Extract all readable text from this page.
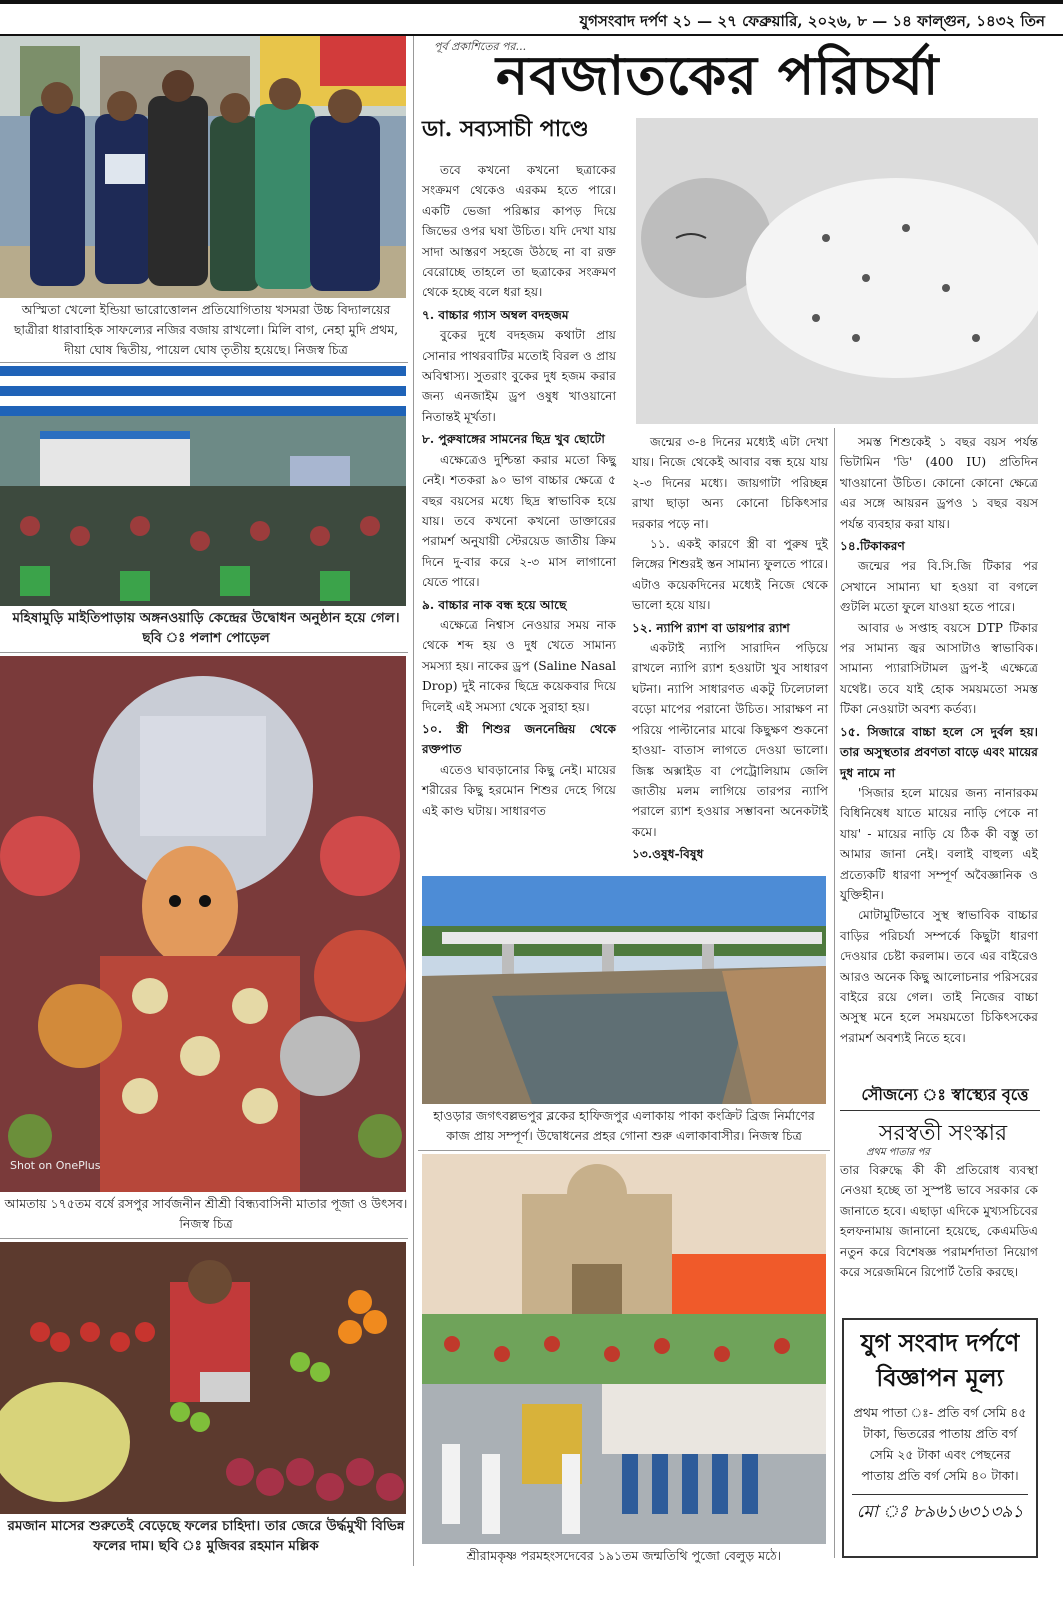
যুগসংবাদ দর্পণ ২১ — ২৭ ফেব্রুয়ারি, ২০২৬, ৮ — ১৪ ফাল্গুন, ১৪৩২ তিন
অস্মিতা খেলো ইন্ডিয়া ভারোত্তোলন প্রতিযোগিতায় খসমরা উচ্চ বিদ্যালয়ের ছাত্রীরা ধারাবাহিক সাফল্যের নজির বজায় রাখলো। মিলি বাগ, নেহা মুদি প্রথম, দীয়া ঘোষ দ্বিতীয়, পায়েল ঘোষ তৃতীয় হয়েছে। নিজস্ব চিত্র
মহিষামুড়ি মাইতিপাড়ায় অঙ্গনওয়াড়ি কেন্দ্রের উদ্বোধন অনুষ্ঠান হয়ে গেল। ছবি ঃ পলাশ পোড়েল
Shot on OnePlus
আমতায় ১৭৫তম বর্ষে রসপুর সার্বজনীন শ্রীশ্রী বিন্ধ্যবাসিনী মাতার পূজা ও উৎসব। নিজস্ব চিত্র
রমজান মাসের শুরুতেই বেড়েছে ফলের চাহিদা। তার জেরে উর্দ্ধমুখী বিভিন্ন ফলের দাম। ছবি ঃ মুজিবর রহমান মল্লিক
পূর্ব প্রকাশিতের পর...
নবজাতকের পরিচর্যা
ডা. সব্যসাচী পাণ্ডে

তবে কখনো কখনো ছত্রাকের সংক্রমণ থেকেও এরকম হতে পারে। একটি ভেজা পরিষ্কার কাপড় দিয়ে জিভের ওপর ঘষা উচিত। যদি দেখা যায় সাদা আস্তরণ সহজে উঠছে না বা রক্ত বেরোচ্ছে তাহলে তা ছত্রাকের সংক্রমণ থেকে হচ্ছে বলে ধরা হয়।

৭. বাচ্চার গ্যাস অম্বল বদহজম

বুকের দুধে বদহজম কথাটা প্রায় সোনার পাথরবাটির মতোই বিরল ও প্রায় অবিশ্বাস্য। সুতরাং বুকের দুধ হজম করার জন্য এনজাইম ড্রপ ওষুধ খাওয়ানো নিতান্তই মূর্খতা।

৮. পুরুষাঙ্গের সামনের ছিদ্র খুব ছোটো

এক্ষেত্রেও দুশ্চিন্তা করার মতো কিছু নেই। শতকরা ৯০ ভাগ বাচ্চার ক্ষেত্রে ৫ বছর বয়সের মধ্যে ছিদ্র স্বাভাবিক হয়ে যায়। তবে কখনো কখনো ডাক্তারের পরামর্শ অনুযায়ী স্টেরয়েড জাতীয় ক্রিম দিনে দু-বার করে ২-৩ মাস লাগানো যেতে পারে।

৯. বাচ্চার নাক বন্ধ হয়ে আছে

এক্ষেত্রে নিশ্বাস নেওয়ার সময় নাক থেকে শব্দ হয় ও দুধ খেতে সামান্য সমস্যা হয়। নাকের ড্রপ (Saline Nasal Drop) দুই নাকের ছিদ্রে কয়েকবার দিয়ে দিলেই এই সমস্যা থেকে সুরাহা হয়।

১০. স্ত্রী শিশুর জননেন্দ্রিয় থেকে রক্তপাত

এতেও ঘাবড়ানোর কিছু নেই। মায়ের শরীরের কিছু হরমোন শিশুর দেহে গিয়ে এই কাণ্ড ঘটায়। সাধারণত

জন্মের ৩-৪ দিনের মধ্যেই এটা দেখা যায়। নিজে থেকেই আবার বন্ধ হয়ে যায় ২-৩ দিনের মধ্যে। জায়গাটা পরিচ্ছন্ন রাখা ছাড়া অন্য কোনো চিকিৎসার দরকার পড়ে না।

১১. একই কারণে স্ত্রী বা পুরুষ দুই লিঙ্গের শিশুরই স্তন সামান্য ফুলতে পারে। এটাও কয়েকদিনের মধ্যেই নিজে থেকে ভালো হয়ে যায়।

১২. ন্যাপি র‍্যাশ বা ডায়পার র‍্যাশ

একটাই ন্যাপি সারাদিন পড়িয়ে রাখলে ন্যাপি র‍্যাশ হওয়াটা খুব সাধারণ ঘটনা। ন্যাপি সাধারণত একটু ঢিলেঢালা বড়ো মাপের পরানো উচিত। সারাক্ষণ না পরিয়ে পাল্টানোর মাঝে কিছুক্ষণ শুকনো হাওয়া- বাতাস লাগতে দেওয়া ভালো। জিঙ্ক অক্সাইড বা পেট্রোলিয়াম জেলি জাতীয় মলম লাগিয়ে তারপর ন্যাপি পরালে র‍্যাশ হওয়ার সম্ভাবনা অনেকটাই কমে।

১৩.ওষুধ-বিষুধ

সমস্ত শিশুকেই ১ বছর বয়স পর্যন্ত ভিটামিন 'ডি' (400 IU) প্রতিদিন খাওয়ানো উচিত। কোনো কোনো ক্ষেত্রে এর সঙ্গে আয়রন ড্রপও ১ বছর বয়স পর্যন্ত ব্যবহার করা যায়।

১৪.টিকাকরণ

জন্মের পর বি.সি.জি টিকার পর সেখানে সামান্য ঘা হওয়া বা বগলে গুটলি মতো ফুলে যাওয়া হতে পারে।

আবার ৬ সপ্তাহ বয়সে DTP টিকার পর সামান্য জ্বর আসাটাও স্বাভাবিক। সামান্য প্যারাসিটামল ড্রপ-ই এক্ষেত্রে যথেষ্ট। তবে যাই হোক সময়মতো সমস্ত টিকা নেওয়াটা অবশ্য কর্তব্য।

১৫. সিজারে বাচ্চা হলে সে দুর্বল হয়। তার অসুস্থতার প্রবণতা বাড়ে এবং মায়ের দুধ নামে না

'সিজার হলে মায়ের জন্য নানারকম বিধিনিষেধ যাতে মায়ের নাড়ি পেকে না যায়' - মায়ের নাড়ি যে ঠিক কী বস্তু তা আমার জানা নেই। বলাই বাহুল্য এই প্রত্যেকটি ধারণা সম্পূর্ণ অবৈজ্ঞানিক ও যুক্তিহীন।

মোটামুটিভাবে সুস্থ স্বাভাবিক বাচ্চার বাড়ির পরিচর্যা সম্পর্কে কিছুটা ধারণা দেওয়ার চেষ্টা করলাম। তবে এর বাইরেও আরও অনেক কিছু আলোচনার পরিসরের বাইরে রয়ে গেল। তাই নিজের বাচ্চা অসুস্থ মনে হলে সময়মতো চিকিৎসকের পরামর্শ অবশ্যই নিতে হবে।

সৌজন্যে ঃ স্বাস্থ্যের বৃত্তে
সরস্বতী সংস্কার
প্রথম পাতার পর

তার বিরুদ্ধে কী কী প্রতিরোধ ব্যবস্থা নেওয়া হচ্ছে তা সুস্পষ্ট ভাবে সরকার কে জানাতে হবে। এছাড়া এদিকে মুখ্যসচিবের হলফনামায় জানানো হয়েছে, কেএমডিএ নতুন করে বিশেষজ্ঞ পরামর্শদাতা নিয়োগ করে সরেজমিনে রিপোর্ট তৈরি করছে।

হাওড়ার জগৎবল্লভপুর ব্লকের হাফিজপুর এলাকায় পাকা কংক্রিট ব্রিজ নির্মাণের কাজ প্রায় সম্পূর্ণ। উদ্বোধনের প্রহর গোনা শুরু এলাকাবাসীর। নিজস্ব চিত্র
শ্রীরামকৃষ্ণ পরমহংসদেবের ১৯১তম জন্মতিথি পুজো বেলুড় মঠে।
যুগ সংবাদ দর্পণে
বিজ্ঞাপন মূল্য
প্রথম পাতা ঃ- প্রতি বর্গ সেমি ৪৫ টাকা, ভিতরের পাতায় প্রতি বর্গ সেমি ২৫ টাকা এবং পেছনের পাতায় প্রতি বর্গ সেমি ৪০ টাকা।
মো ঃ ৮৯৬১৬৩১৩৯১
